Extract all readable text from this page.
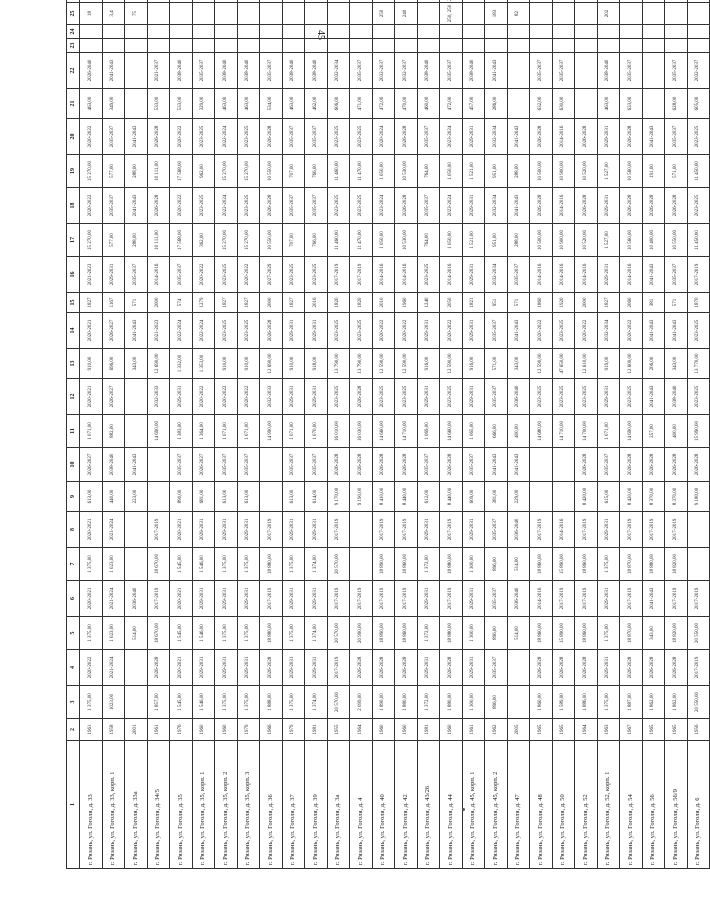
45
1	2	3	4	5	6	7	8	9	10	11	12	13	14	15	16	17	18	19	20	21	22	23	24	25	
г. Рязань, ул. Гоголя, д. 33	1961	1 375,00	2020-2022	1 375,00	2020-2021	1 375,00	2020-2021	613,00	2026-2027	1 071,00	2020-2021	910,00	2020-2021	1827	2021-2023	15 270,00	2020-2022	15 270,00	2020-2022	463,00	2026-2040			18	
г. Рязань, ул. Гоголя, д. 33, корп. 1	1958	1023,00	2021-2024	1 023,00	2021-2024	1 023,00	2021-2024	440,00	2038-2040	882,00	2026-2027	696,00	2026-2027	1167	2029-2031	577,00	2035-2037	577,00	2035-2037	349,00	2041-2043			3,4	
г. Рязань, ул. Гоголя, д. 33а	2001			514,00	2036-2040			223,00	2041-2043			343,00	2041-2043	571	2035-2037	288,00	2041-2043	288,00	2041-2043					75	
г. Рязань, ул. Гоголя, д. 34/5	1961	1 857,00	2026-2028	18 670,00	2017-2019	18 670,00	2017-2019			14 690,00	2032-2033	12 690,00	2021-2023	2000	2014-2016	10 111,00	2026-2028	10 111,00	2026-2028	533,00	2021-2037				
г. Рязань, ул. Гоголя, д. 35	1976	1 545,00	2020-2021	1 545,00	2020-2021	1 545,00	2020-2021	890,00	2035-2037	1 383,00	2029-2031	1 332,00	2022-2024	574	2035-2037	17 568,00	2020-2022	17 568,00	2020-2022	533,00	2038-2040				
г. Рязань, ул. Гоголя, д. 35, корп. 1	1960	1 546,00	2029-2031	1 546,00	2029-2031	1 546,00	2029-2031	681,00	2026-2027	1 364,00	2020-2022	1 353,00	2022-2024	1279	2020-2022	362,00	2023-2025	962,00	2023-2025	329,00	2035-2037				
г. Рязань, ул. Гоголя, д. 35, корп. 2	1960	1 375,00	2029-2031	1 375,00	2029-2031	1 375,00	2029-2031	613,00	2035-2037	1 071,00	2020-2022	910,00	2023-2025	1827	2023-2025	15 270,00	2022-2024	15 270,00	2022-2024	463,00	2038-2040				
г. Рязань, ул. Гоголя, д. 35, корп. 3	1979	1 375,00	2029-2031	1 375,00	2029-2031	1 375,00	2029-2031	613,00	2035-2037	1 071,00	2020-2022	910,00	2023-2025	1827	2020-2022	15 270,00	2023-2025	15 270,00	2023-2025	463,00	2038-2040				
г. Рязань, ул. Гоголя, д. 36	1966	1 888,00	2026-2028	18 880,00	2017-2019	18 880,00	2017-2019			14 990,00	2032-2033	12 690,00	2026-2028	2000	2027-2029	10 550,00	2026-2028	10 550,00	2026-2028	534,00	2035-2037				
г. Рязань, ул. Гоголя, д. 37	1979	1 375,00	2029-2031	1 375,00	2029-2031	1 375,00	2029-2031	613,00	2035-2037	1 071,00	2029-2031	910,00	2029-2031	1827	2023-2025	707,00	2035-2037	707,00	2035-2037	463,00	2038-2040				
г. Рязань, ул. Гоголя, д. 39	1981	1 374,00	2029-2031	1 374,00	2029-2031	1 374,00	2029-2031	614,00	2035-2037	1 070,00	2029-2031	918,00	2029-2031	2016	2023-2025	766,00	2035-2037	766,00	2035-2037	462,00	2038-2040				
г. Рязань, ул. Гоголя, д. 3а	1955	20 570,00	2017-2019	20 570,00	2017-2019	20 570,00	2017-2019	9 170,00	2026-2028	16 010,00	2023-2025	13 790,00	2023-2025	1820	2017-2019	11 460,00	2023-2025	11 460,00	2023-2025	606,00	2032-2034				
г. Рязань, ул. Гоголя, д. 4	1964	2 099,00	2026-2028	20 990,00	2017-2019			9 190,00	2026-2028	16 030,00	2026-2028	13 790,00	2023-2025	1820	2017-2019	11 470,00	2023-2025	11 470,00	2023-2025	471,00	2035-2037				
г. Рязань, ул. Гоголя, д. 40	1960	1 890,00	2026-2028	18 890,00	2017-2019	18 890,00	2017-2019	8 410,00	2026-2028	14 660,00	2023-2025	12 590,00	2020-2022	2010	2014-2016	1 050,00	2023-2024	1 050,00	2020-2024	472,00	2032-2037			250	
г. Рязань, ул. Гоголя, д. 42	1960	1 880,00	2026-2028	18 860,00	2017-2019	18 860,00	2017-2019	8 440,00	2026-2028	14 710,00	2023-2025	12 590,00	2020-2022	1960	2014-2016	10 530,00	2026-2028	10 530,00	2026-2028	470,00	2032-2037			240	
г. Рязань, ул. Гоголя, д. 43/26	1981	1 372,00	2029-2031	1 372,00	2029-2031	1 372,00	2029-2031	612,00	2035-2037	1 069,00	2029-2031	916,00	2029-2031	1240	2023-2025	764,00	2035-2037	764,00	2035-2037	460,00	2038-2040				
г. Рязань, ул. Гоголя, д. 44	1960	1 880,00	2026-2028	18 880,00	2017-2019	18 880,00	2017-2019	8 440,00	2026-2028	14 660,00	2023-2025	12 590,00	2020-2022	2050	2014-2016	1 050,00	2023-2024	1 050,00	2023-2024	472,00	2035-2037			250, 250	
г. Рязань, ул. Гоголя, д. 45, корп. 1	1961	1 300,00	2029-2031	1 300,00	2029-2031	1 300,00	2029-2031	609,00	2035-2037	1 065,00	2029-2031	916,00	2029-2031	1821	2029-2031	1 521,00	2029-2031	1 521,00	2029-2031	457,00	2038-2040				
г. Рязань, ул. Гоголя, д. 45, корп. 2	1962	896,00	2035-2037	896,00	2035-2037	896,00	2035-2037	381,00	2041-2043	666,00	2035-2037	571,00	2035-2037	951	2032-2034	951,00	2032-2034	951,00	2032-2034	286,00	2041-2043			183	
г. Рязань, ул. Гоголя, д. 47	2005			514,00	2036-2040	514,00	2036-2040	229,00	2041-2043	400,00	2036-2040	343,00	2041-2043	571	2035-2037	288,00	2041-2043	288,00	2041-2043					82	
г. Рязань, ул. Гоголя, д. 48	1965	1 860,00	2026-2028	18 860,00	2014-2016	18 860,00	2017-2019			14 680,00	2023-2025	12 590,00	2020-2022	1860	2014-2016	10 500,00	2026-2028	10 500,00	2026-2028	632,00	2035-2037				
г. Рязань, ул. Гоголя, д. 50	1965	1 589,00	2026-2028	15 890,00	2017-2019	15 890,00	2014-2016			14 710,00	2023-2025	47 650,00	2023-2025	1920	2014-2016	10 900,00	2014-2016	10 900,00	2014-2016	630,00	2035-2037				
г. Рязань, ул. Гоголя, д. 52	1964	1 886,00	2026-2028	18 860,00	2017-2019	18 860,00	2017-2019	8 420,00	2026-2028	14 700,00	2023-2025	12 610,00	2020-2022	2000	2014-2016	10 520,00	2026-2028	10 520,00	2026-2028						
г. Рязань, ул. Гоголя, д. 52, корп. 1	1963	1 375,00	2029-2031	1 375,00	2029-2031	1 375,00	2029-2031	615,00	2035-2037	1 071,00	2029-2031	919,00	2032-2034	1827	2029-2031	1 527,00	2029-2031	1 527,00	2029-2031	463,00	2038-2040			202	
г. Рязань, ул. Гоголя, д. 54	1967	1 887,00	2026-2028	18 870,00	2017-2019	18 870,00	2017-2019	8 420,00	2026-2028	14 690,00	2023-2025	12 600,00	2020-2022	2060	2014-2016	10 560,00	2026-2028	10 560,00	2026-2028	633,00	2035-2037				
г. Рязань, ул. Гоголя, д. 56	1965	1 862,00	2026-2028	343,00	2041-2043	18 880,00	2017-2019	8 370,00	2026-2028	257,00	2041-2043	206,00	2041-2043	381	2041-2043	10 400,00	2026-2028	191,00	2041-2043						
г. Рязань, ул. Гоголя, д. 56/9	1965	1 862,00	2026-2028	18 820,00	2017-2019	18 820,00	2017-2019	8 370,00	2026-2028	400,00	2038-2040	343,00	2041-2043	571	2035-2037	10 550,00	2026-2028	571,00	2035-2037	628,00	2035-2037				
г. Рязань, ул. Гоголя, д. 6	1956	20 550,00	2017-2019	20 550,00	2017-2019			9 180,00	2026-2028	15 990,00	2023-2025	13 770,00	2023-2025	1870	2017-2019	11 450,00	2023-2025	11 450,00	2023-2025	605,00	2032-2037				
